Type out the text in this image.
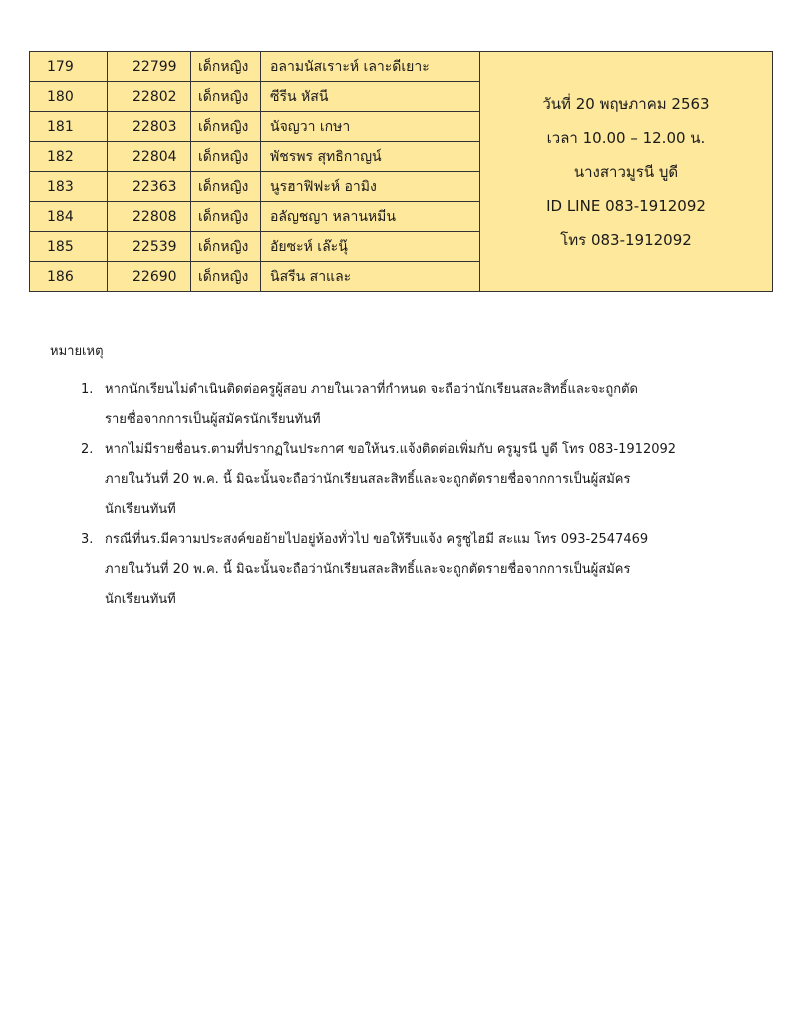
179	22799	เด็กหญิง	อลามนัสเราะห์ เลาะดีเยาะ	วันที่ 20 พฤษภาคม 2563
เวลา 10.00 – 12.00 น.
นางสาวมูรนี บูดี
ID LINE 083-1912092
โทร 083-1912092

180	22802	เด็กหญิง	ซีรีน หัสนี	
181	22803	เด็กหญิง	นัจญวา เกษา	
182	22804	เด็กหญิง	พัชรพร สุทธิกาญน์	
183	22363	เด็กหญิง	นูรฮาฟิฟะห์ อามิง	
184	22808	เด็กหญิง	อลัญชญา หลานหมีน	
185	22539	เด็กหญิง	อัยซะห์ เล๊ะนุ๊	
186	22690	เด็กหญิง	นิสรีน สาและ	
หมายเหตุ
1. หากนักเรียนไม่ดำเนินติดต่อครูผู้สอบ ภายในเวลาที่กำหนด จะถือว่านักเรียนสละสิทธิ์และจะถูกตัด
รายชื่อจากการเป็นผู้สมัครนักเรียนทันที
2. หากไม่มีรายชื่อนร.ตามที่ปรากฏในประกาศ ขอให้นร.แจ้งติดต่อเพิ่มกับ ครูมูรนี บูดี โทร 083-1912092
ภายในวันที่ 20 พ.ค. นี้ มิฉะนั้นจะถือว่านักเรียนสละสิทธิ์และจะถูกตัดรายชื่อจากการเป็นผู้สมัคร
นักเรียนทันที
3. กรณีที่นร.มีความประสงค์ขอย้ายไปอยู่ห้องทั่วไป ขอให้รีบแจ้ง ครูซูไฮมี สะแม โทร 093-2547469
ภายในวันที่ 20 พ.ค. นี้ มิฉะนั้นจะถือว่านักเรียนสละสิทธิ์และจะถูกตัดรายชื่อจากการเป็นผู้สมัคร
นักเรียนทันที
